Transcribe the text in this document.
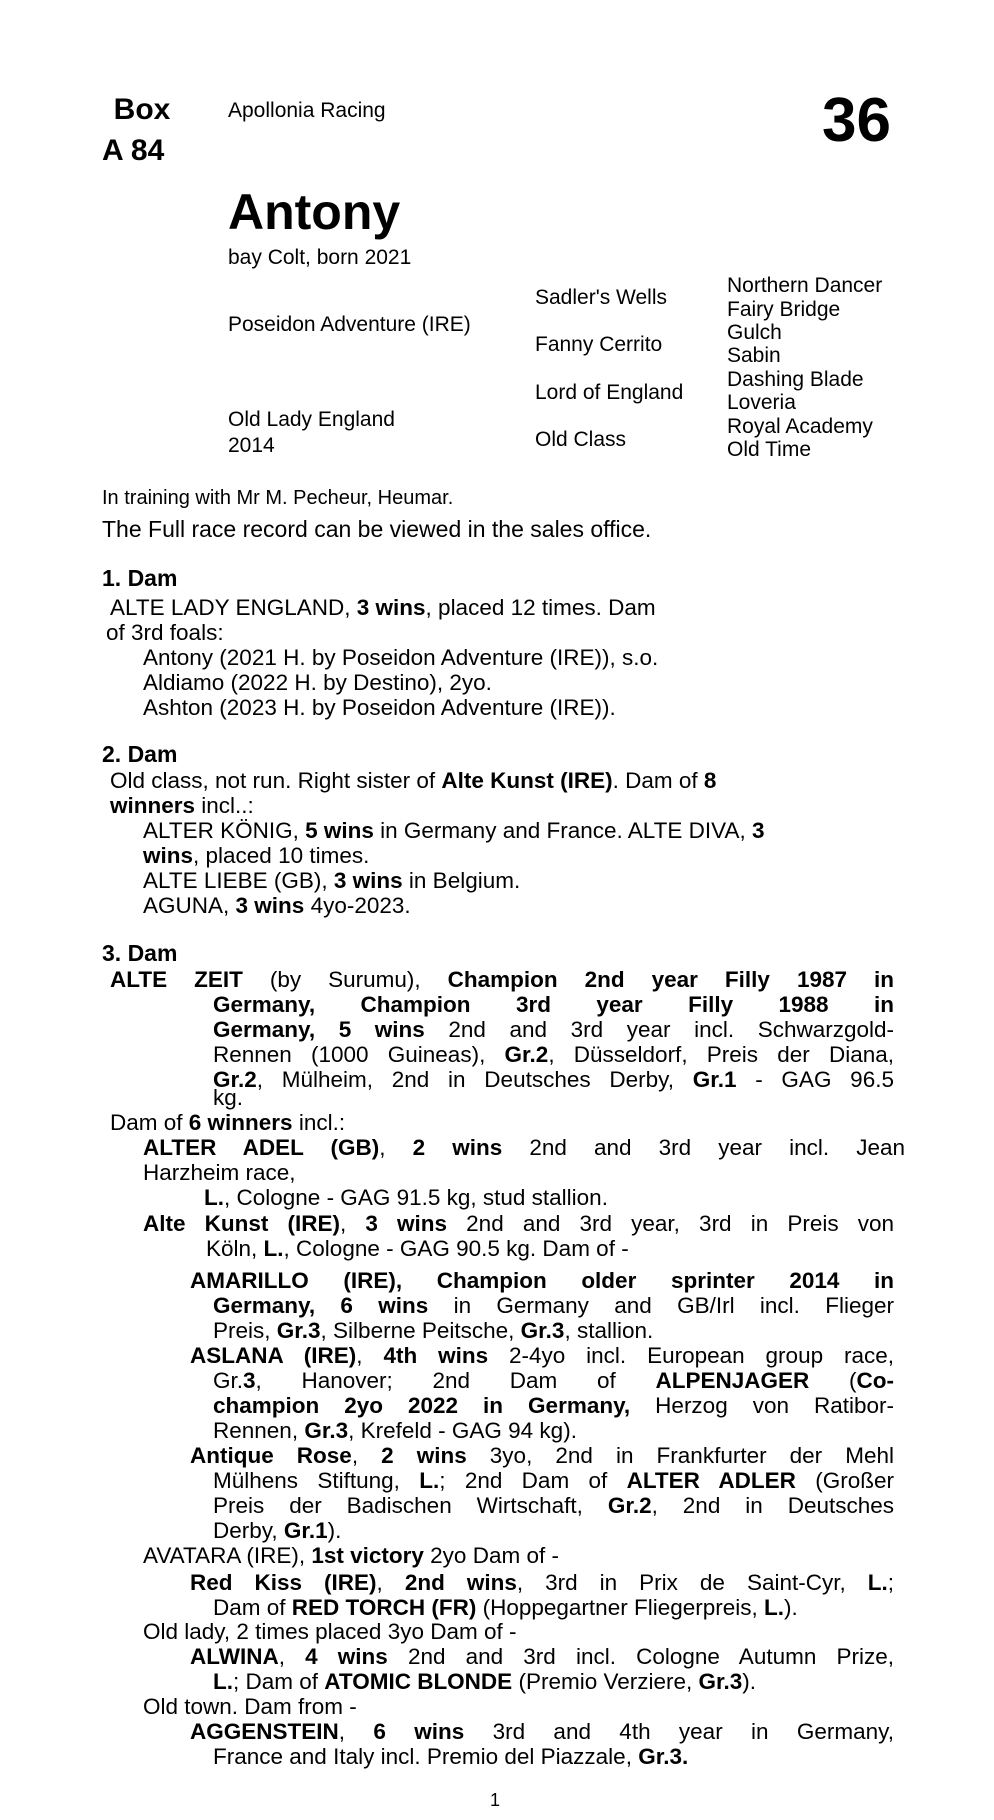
Box
A 84
Apollonia Racing	36
Antony
bay Colt, born 2021
Poseidon Adventure (IRE)
Old Lady England
2014
Sadler's Wells
Fanny Cerrito
Lord of England
Old Class
Northern Dancer
Fairy Bridge
Gulch
Sabin
Dashing Blade
Loveria
Royal Academy
Old Time
In training with Mr M. Pecheur, Heumar.
The Full race record can be viewed in the sales office.
1. Dam
ALTE LADY ENGLAND, 3 wins, placed 12 times. Dam
of 3rd foals:
Antony (2021 H. by Poseidon Adventure (IRE)), s.o.
Aldiamo (2022 H. by Destino), 2yo.
Ashton (2023 H. by Poseidon Adventure (IRE)).
2. Dam
Old class, not run. Right sister of Alte Kunst (IRE). Dam of 8
winners incl..:
ALTER KÖNIG, 5 wins in Germany and France. ALTE DIVA, 3
wins, placed 10 times.
ALTE LIEBE (GB), 3 wins in Belgium.
AGUNA, 3 wins 4yo-2023.
3. Dam
ALTE ZEIT (by Surumu), Champion 2nd year Filly 1987 in
Germany, Champion 3rd year Filly 1988 in
Germany, 5 wins 2nd and 3rd year incl. Schwarzgold-
Rennen (1000 Guineas), Gr.2, Düsseldorf, Preis der Diana,
Gr.2, Mülheim, 2nd in Deutsches Derby, Gr.1 - GAG 96.5
kg.
Dam of 6 winners incl.:
ALTER ADEL (GB), 2 wins 2nd and 3rd year incl. Jean
Harzheim race,
L., Cologne - GAG 91.5 kg, stud stallion.
Alte Kunst (IRE), 3 wins 2nd and 3rd year, 3rd in Preis von
Köln, L., Cologne - GAG 90.5 kg. Dam of -
AMARILLO (IRE), Champion older sprinter 2014 in
Germany, 6 wins in Germany and GB/Irl incl. Flieger
Preis, Gr.3, Silberne Peitsche, Gr.3, stallion.
ASLANA (IRE), 4th wins 2-4yo incl. European group race,
Gr.3, Hanover; 2nd Dam of ALPENJAGER (Co-
champion 2yo 2022 in Germany, Herzog von Ratibor-
Rennen, Gr.3, Krefeld - GAG 94 kg).
Antique Rose, 2 wins 3yo, 2nd in Frankfurter der Mehl
Mülhens Stiftung, L.; 2nd Dam of ALTER ADLER (Großer
Preis der Badischen Wirtschaft, Gr.2, 2nd in Deutsches
Derby, Gr.1).
AVATARA (IRE), 1st victory 2yo Dam of -
Red Kiss (IRE), 2nd wins, 3rd in Prix de Saint-Cyr, L.;
Dam of RED TORCH (FR) (Hoppegartner Fliegerpreis, L.).
Old lady, 2 times placed 3yo Dam of -
ALWINA, 4 wins 2nd and 3rd incl. Cologne Autumn Prize,
L.; Dam of ATOMIC BLONDE (Premio Verziere, Gr.3).
Old town. Dam from -
AGGENSTEIN, 6 wins 3rd and 4th year in Germany,
France and Italy incl. Premio del Piazzale, Gr.3.
1
